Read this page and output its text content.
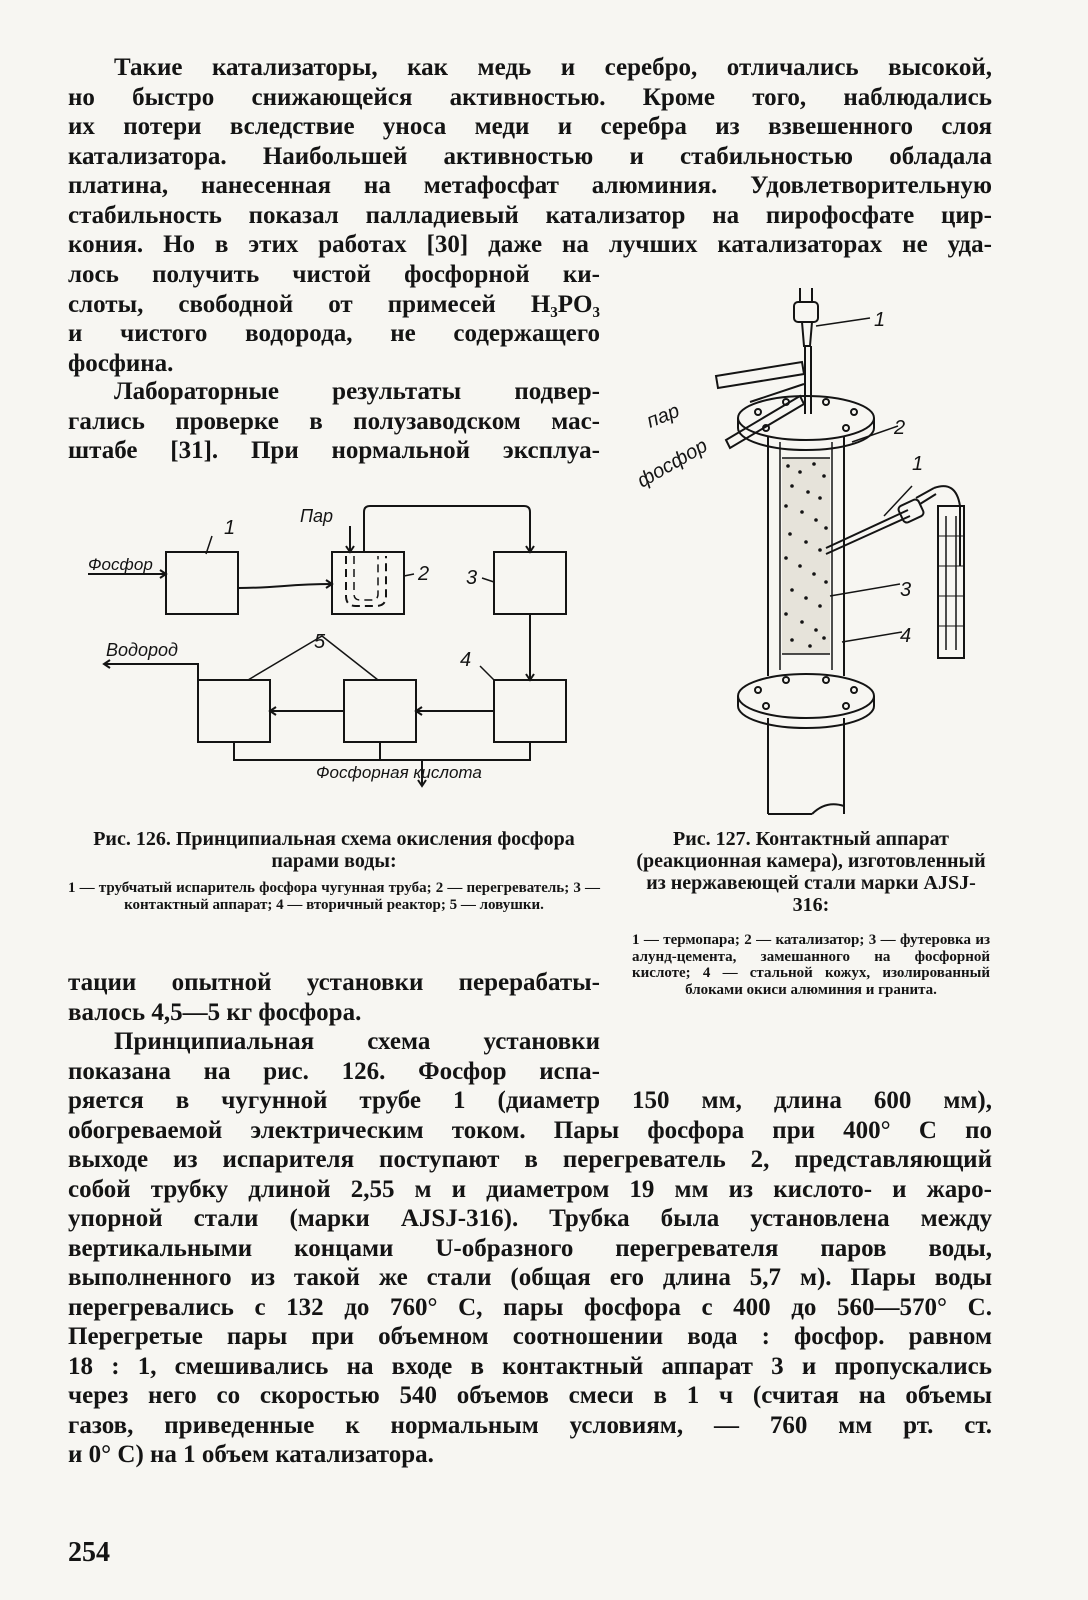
Такие катализаторы, как медь и серебро, отличались высокой,
но быстро снижающейся активностью. Кроме того, наблюдались
их потери вследствие уноса меди и серебра из взвешенного слоя
катализатора. Наибольшей активностью и стабильностью обладала
платина, нанесенная на метафосфат алюминия. Удовлетворительную
стабильность показал палладиевый катализатор на пирофосфате цир-
кония. Но в этих работах [30] даже на лучших катализаторах не уда-
лось получить чистой фосфорной ки-
слоты, свободной от примесей H₃PO₃
и чистого водорода, не содержащего
фосфина.
Лабораторные результаты подвер-
гались проверке в полузаводском мас-
штабе [31]. При нормальной эксплуа-
1
2 3
4
5
Фосфор
Пар
Водород
Фосфорная кислота
Рис. 126. Принципиальная схема окисления фосфора парами воды:
1 — трубчатый испаритель фосфора чугунная труба; 2 — перегреватель; 3 — контактный аппарат; 4 — вторичный реактор; 5 — ловушки.
тации опытной установки перерабаты-
валось 4,5—5 кг фосфора.
Принципиальная схема установки
показана на рис. 126. Фосфор испа-
1
2
1
3
4
пар
фосфор
Рис. 127. Контактный аппарат (реакционная камера), изготовленный из нержавеющей стали марки AJSJ-316:
1 — термопара; 2 — катализатор; 3 — футеровка из алунд-цемента, замешанного на фосфорной кислоте; 4 — стальной кожух, изолированный блоками окиси алюминия и гранита.
ряется в чугунной трубе 1 (диаметр 150 мм, длина 600 мм),
обогреваемой электрическим током. Пары фосфора при 400° С по
выходе из испарителя поступают в перегреватель 2, представляющий
собой трубку длиной 2,55 м и диаметром 19 мм из кислото- и жаро-
упорной стали (марки AJSJ-316). Трубка была установлена между
вертикальными концами U-образного перегревателя паров воды,
выполненного из такой же стали (общая его длина 5,7 м). Пары воды
перегревались с 132 до 760° С, пары фосфора с 400 до 560—570° С.
Перегретые пары при объемном соотношении вода : фосфор. равном
18 : 1, смешивались на входе в контактный аппарат 3 и пропускались
через него со скоростью 540 объемов смеси в 1 ч (считая на объемы
газов, приведенные к нормальным условиям, — 760 мм рт. ст.
и 0° С) на 1 объем катализатора.
254
